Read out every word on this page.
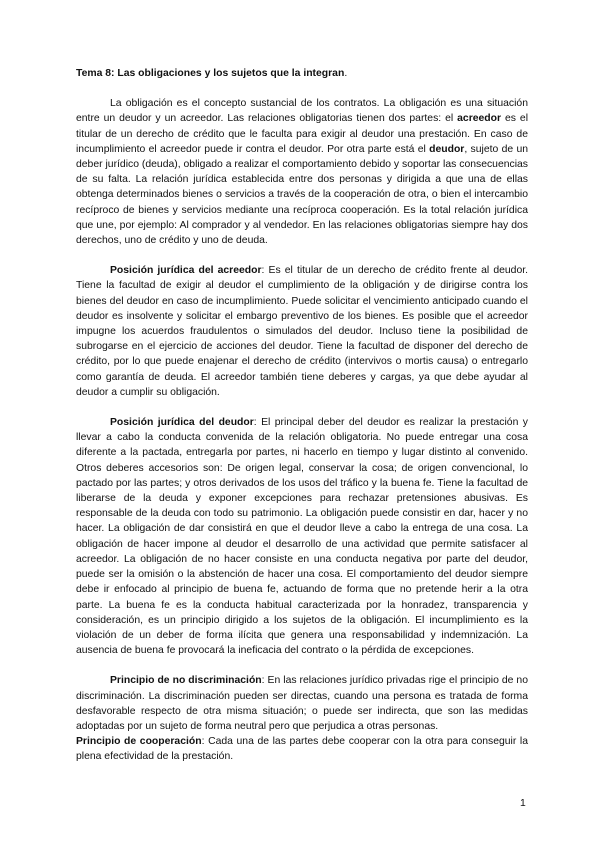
Tema 8: Las obligaciones y los sujetos que la integran.

La obligación es el concepto sustancial de los contratos. La obligación es una situación entre un deudor y un acreedor. Las relaciones obligatorias tienen dos partes: el acreedor es el titular de un derecho de crédito que le faculta para exigir al deudor una prestación. En caso de incumplimiento el acreedor puede ir contra el deudor. Por otra parte está el deudor, sujeto de un deber jurídico (deuda), obligado a realizar el comportamiento debido y soportar las consecuencias de su falta. La relación jurídica establecida entre dos personas y dirigida a que una de ellas obtenga determinados bienes o servicios a través de la cooperación de otra, o bien el intercambio recíproco de bienes y servicios mediante una recíproca cooperación. Es la total relación jurídica que une, por ejemplo: Al comprador y al vendedor. En las relaciones obligatorias siempre hay dos derechos, uno de crédito y uno de deuda.

Posición jurídica del acreedor: Es el titular de un derecho de crédito frente al deudor. Tiene la facultad de exigir al deudor el cumplimiento de la obligación y de dirigirse contra los bienes del deudor en caso de incumplimiento. Puede solicitar el vencimiento anticipado cuando el deudor es insolvente y solicitar el embargo preventivo de los bienes. Es posible que el acreedor impugne los acuerdos fraudulentos o simulados del deudor. Incluso tiene la posibilidad de subrogarse en el ejercicio de acciones del deudor. Tiene la facultad de disponer del derecho de crédito, por lo que puede enajenar el derecho de crédito (intervivos o mortis causa) o entregarlo como garantía de deuda. El acreedor también tiene deberes y cargas, ya que debe ayudar al deudor a cumplir su obligación.

Posición jurídica del deudor: El principal deber del deudor es realizar la prestación y llevar a cabo la conducta convenida de la relación obligatoria. No puede entregar una cosa diferente a la pactada, entregarla por partes, ni hacerlo en tiempo y lugar distinto al convenido. Otros deberes accesorios son: De origen legal, conservar la cosa; de origen convencional, lo pactado por las partes; y otros derivados de los usos del tráfico y la buena fe. Tiene la facultad de liberarse de la deuda y exponer excepciones para rechazar pretensiones abusivas. Es responsable de la deuda con todo su patrimonio. La obligación puede consistir en dar, hacer y no hacer. La obligación de dar consistirá en que el deudor lleve a cabo la entrega de una cosa. La obligación de hacer impone al deudor el desarrollo de una actividad que permite satisfacer al acreedor. La obligación de no hacer consiste en una conducta negativa por parte del deudor, puede ser la omisión o la abstención de hacer una cosa. El comportamiento del deudor siempre debe ir enfocado al principio de buena fe, actuando de forma que no pretende herir a la otra parte. La buena fe es la conducta habitual caracterizada por la honradez, transparencia y consideración, es un principio dirigido a los sujetos de la obligación. El incumplimiento es la violación de un deber de forma ilícita que genera una responsabilidad y indemnización. La ausencia de buena fe provocará la ineficacia del contrato o la pérdida de excepciones.

Principio de no discriminación: En las relaciones jurídico privadas rige el principio de no discriminación. La discriminación pueden ser directas, cuando una persona es tratada de forma desfavorable respecto de otra misma situación; o puede ser indirecta, que son las medidas adoptadas por un sujeto de forma neutral pero que perjudica a otras personas.

Principio de cooperación: Cada una de las partes debe cooperar con la otra para conseguir la plena efectividad de la prestación.

1
